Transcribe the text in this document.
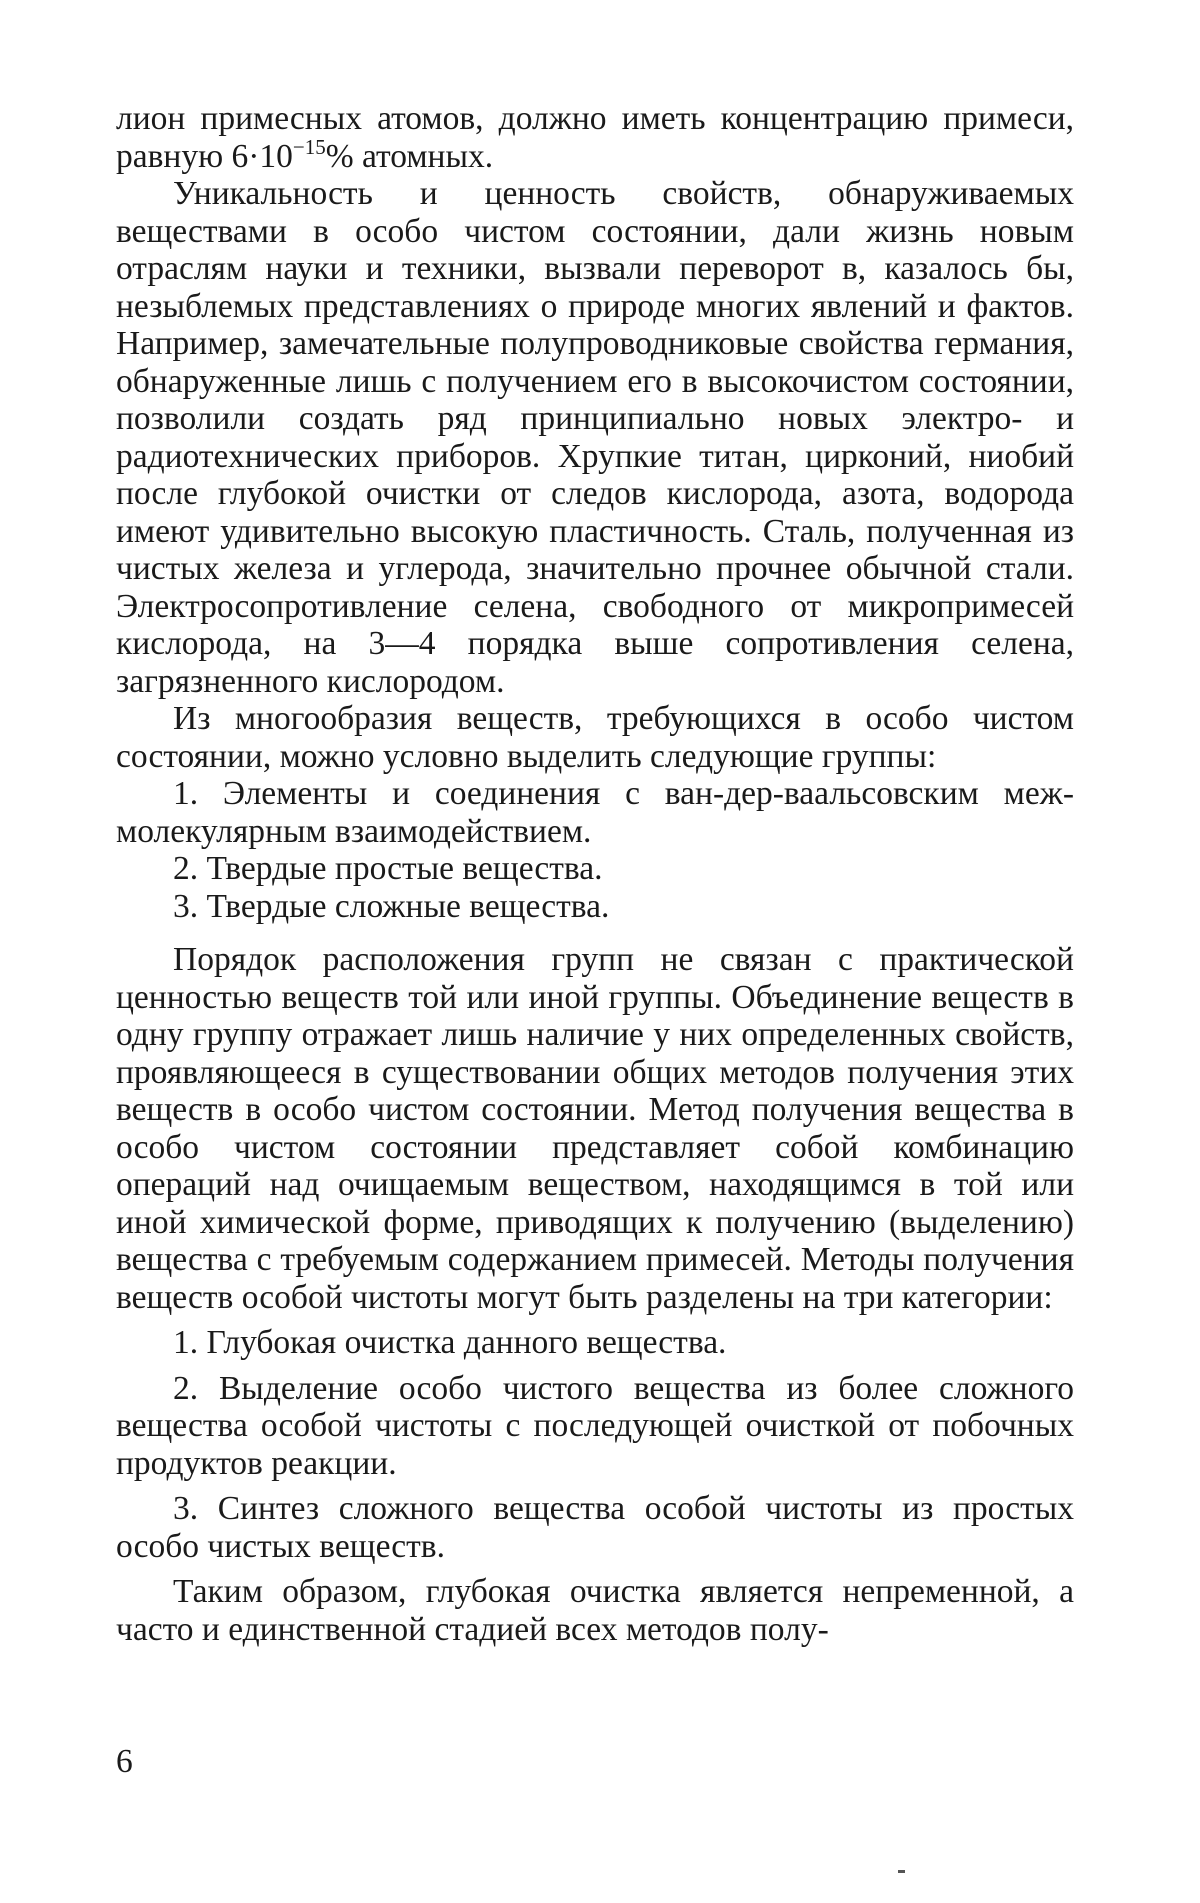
лион примесных атомов, должно иметь концентрацию примеси, равную $6\cdot 10^{-15}\%$ атомных.

Уникальность и ценность свойств, обнаруживаемых веществами в особо чистом состоянии, дали жизнь новым отраслям науки и техники, вызвали переворот в, казалось бы, незыблемых представлениях о природе многих явлений и фактов. Например, замечательные полупроводниковые свойства германия, обнаруженные лишь с получением его в высокочистом состоянии, позволили создать ряд принципиально новых электро- и радиотехнических приборов. Хрупкие титан, цирконий, ниобий после глубокой очистки от следов кислорода, азота, водорода имеют удивительно высокую пластичность. Сталь, полученная из чистых железа и углерода, значительно прочнее обычной стали. Электросопротивление селена, свободного от микропримесей кислорода, на 3—4 порядка выше сопротивления селена, загрязненного кислородом.

Из многообразия веществ, требующихся в особо чистом состоянии, можно условно выделить следующие группы:

1. Элементы и соединения с ван-дер-ваальсовским межмолекулярным взаимодействием.

2. Твердые простые вещества.

3. Твердые сложные вещества.

Порядок расположения групп не связан с практической ценностью веществ той или иной группы. Объединение веществ в одну группу отражает лишь наличие у них определенных свойств, проявляющееся в существовании общих методов получения этих веществ в особо чистом состоянии. Метод получения вещества в особо чистом состоянии представляет собой комбинацию операций над очищаемым веществом, находящимся в той или иной химической форме, приводящих к получению (выделению) вещества с требуемым содержанием примесей. Методы получения веществ особой чистоты могут быть разделены на три категории:

1. Глубокая очистка данного вещества.

2. Выделение особо чистого вещества из более сложного вещества особой чистоты с последующей очисткой от побочных продуктов реакции.

3. Синтез сложного вещества особой чистоты из простых особо чистых веществ.

Таким образом, глубокая очистка является непременной, а часто и единственной стадией всех методов полу-

6
